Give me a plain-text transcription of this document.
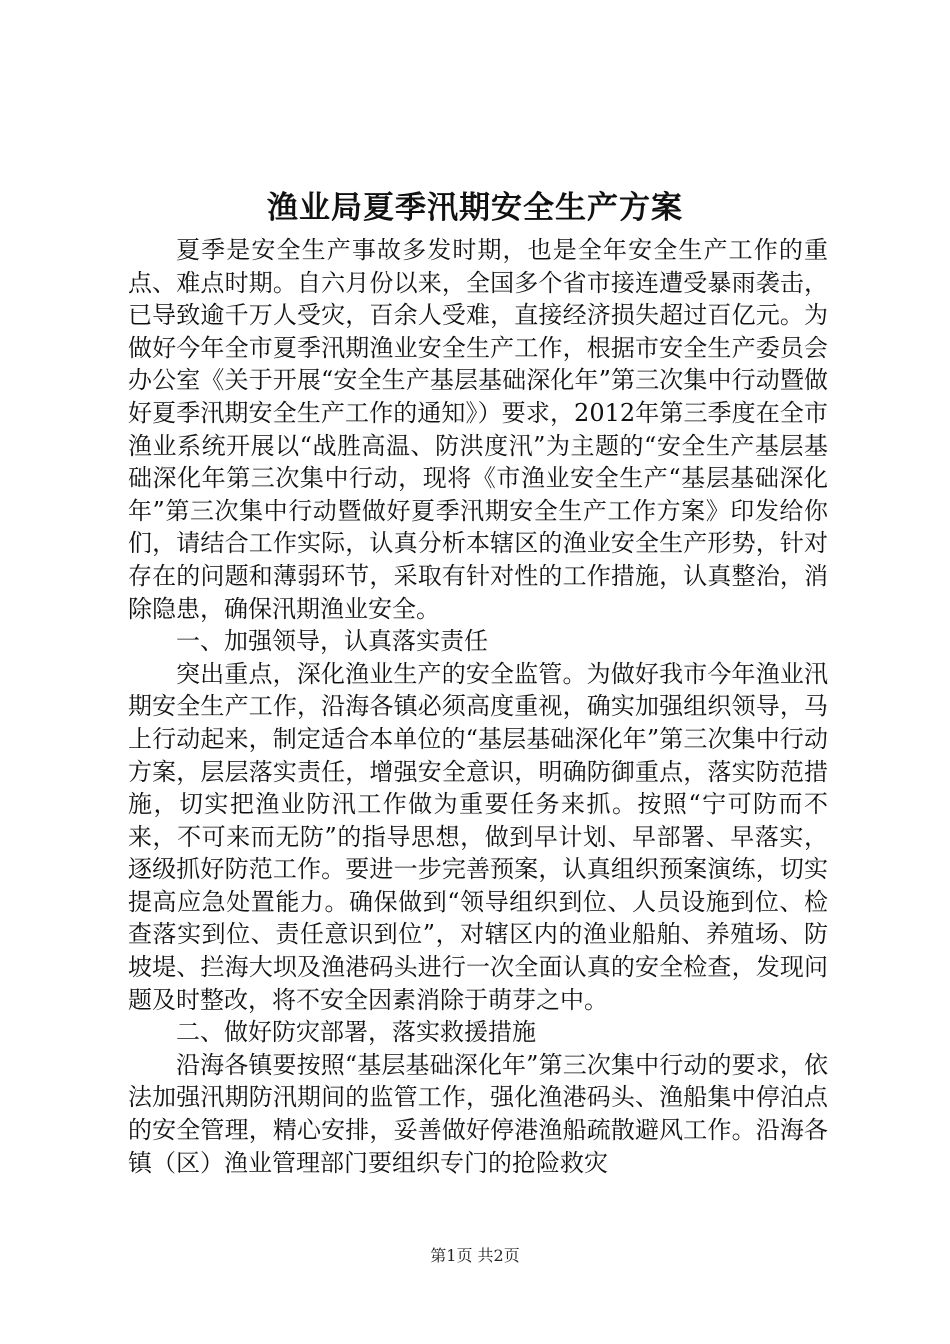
渔业局夏季汛期安全生产方案

夏季是安全生产事故多发时期，也是全年安全生产工作的重点、难点时期。自六月份以来，全国多个省市接连遭受暴雨袭击，已导致逾千万人受灾，百余人受难，直接经济损失超过百亿元。为做好今年全市夏季汛期渔业安全生产工作，根据市安全生产委员会办公室《关于开展“安全生产基层基础深化年”第三次集中行动暨做好夏季汛期安全生产工作的通知》）要求，2012年第三季度在全市渔业系统开展以“战胜高温、防洪度汛”为主题的“安全生产基层基础深化年第三次集中行动，现将《市渔业安全生产“基层基础深化年”第三次集中行动暨做好夏季汛期安全生产工作方案》印发给你们，请结合工作实际，认真分析本辖区的渔业安全生产形势，针对存在的问题和薄弱环节，采取有针对性的工作措施，认真整治，消除隐患，确保汛期渔业安全。

一、加强领导，认真落实责任

突出重点，深化渔业生产的安全监管。为做好我市今年渔业汛期安全生产工作，沿海各镇必须高度重视，确实加强组织领导，马上行动起来，制定适合本单位的“基层基础深化年”第三次集中行动方案，层层落实责任，增强安全意识，明确防御重点，落实防范措施，切实把渔业防汛工作做为重要任务来抓。按照“宁可防而不来，不可来而无防”的指导思想，做到早计划、早部署、早落实，逐级抓好防范工作。要进一步完善预案，认真组织预案演练，切实提高应急处置能力。确保做到“领导组织到位、人员设施到位、检查落实到位、责任意识到位”，对辖区内的渔业船舶、养殖场、防坡堤、拦海大坝及渔港码头进行一次全面认真的安全检查，发现问题及时整改，将不安全因素消除于萌芽之中。

二、做好防灾部署，落实救援措施

沿海各镇要按照“基层基础深化年”第三次集中行动的要求，依法加强汛期防汛期间的监管工作，强化渔港码头、渔船集中停泊点的安全管理，精心安排，妥善做好停港渔船疏散避风工作。沿海各镇（区）渔业管理部门要组织专门的抢险救灾

第1页 共2页
